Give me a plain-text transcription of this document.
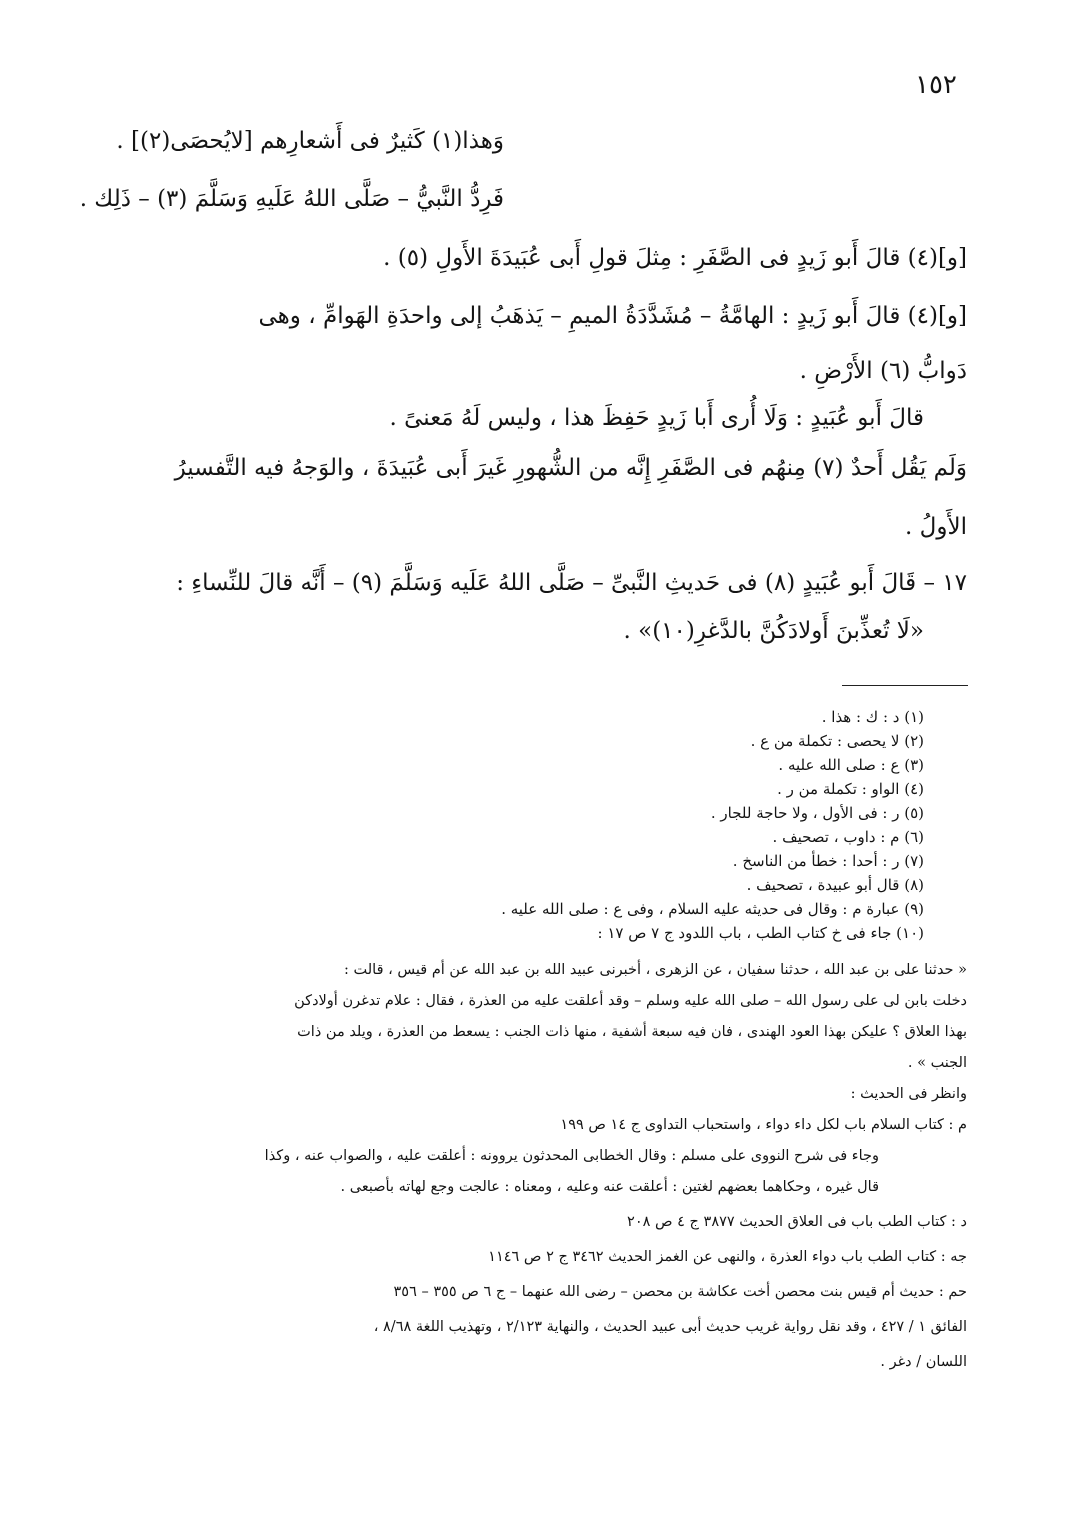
١٥٢
وَهذا(١) كَثيرٌ فى أَشعارِهم [لايُحصَى(٢)] .
فَرِدُّ النَّبيُّ – صَلَّى اللهُ عَلَيهِ وَسَلَّمَ (٣) – ذَلِك .
[و](٤) قالَ أَبو زَيدٍ فى الصَّفَرِ : مِثلَ قولِ أَبى عُبَيدَةَ الأَولِ (٥) .
[و](٤) قالَ أَبو زَيدٍ : الهامَّةُ – مُشَدَّدَةُ الميمِ – يَذهَبُ إلى واحدَةِ الهَوامِّ ، وهى
دَوابُّ (٦) الأَرْضِ .
قالَ أَبو عُبَيدٍ : وَلَا أُرى أَبا زَيدٍ حَفِظَ هذا ، وليس لَهُ مَعنىً .
وَلَم يَقُل أَحدٌ (٧) مِنهُم فى الصَّفَرِ إِنَّه من الشُّهورِ غَيرَ أَبى عُبَيدَةَ ، والوَجهُ فيه التَّفسيرُ
الأَولُ .
١٧ – قَالَ أَبو عُبَيدٍ (٨) فى حَديثِ النَّبىِّ – صَلَّى اللهُ عَلَيه وَسَلَّمَ (٩) – أَنَّه قالَ للنِّساءِ :
«لَا تُعذِّبنَ أَولادَكُنَّ بالدَّغرِ(١٠)» .
(١) د : ك : هذا .
(٢) لا يحصى : تكملة من ع .
(٣) ع : صلى الله عليه .
(٤) الواو : تكملة من ر .
(٥) ر : فى الأول ، ولا حاجة للجار .
(٦) م : داوب ، تصحيف .
(٧) ر : أحدا : خطأ من الناسخ .
(٨) قال أبو عبيدة ، تصحيف .
(٩) عبارة م : وقال فى حديثه عليه السلام ، وفى ع : صلى الله عليه .
(١٠) جاء فى خ كتاب الطب ، باب اللدود ج ٧ ص ١٧ :
« حدثنا على بن عبد الله ، حدثنا سفيان ، عن الزهرى ، أخبرنى عبيد الله بن عبد الله عن أم قيس ، قالت :
دخلت بابن لى على رسول الله – صلى الله عليه وسلم – وقد أعلقت عليه من العذرة ، فقال : علام تدغرن أولادكن
بهذا العلاق ؟ عليكن بهذا العود الهندى ، فان فيه سبعة أشفية ، منها ذات الجنب : يسعط من العذرة ، ويلد من ذات
الجنب » .
وانظر فى الحديث :
م : كتاب السلام باب لكل داء دواء ، واستحباب التداوى ج ١٤ ص ١٩٩
وجاء فى شرح النووى على مسلم : وقال الخطابى المحدثون يروونه : أعلقت عليه ، والصواب عنه ، وكذا
قال غيره ، وحكاهما بعضهم لغتين : أعلقت عنه وعليه ، ومعناه : عالجت وجع لهاته بأصبعى .
د : كتاب الطب باب فى العلاق الحديث ٣٨٧٧ ج ٤ ص ٢٠٨
جه : كتاب الطب باب دواء العذرة ، والنهى عن الغمز الحديث ٣٤٦٢ ج ٢ ص ١١٤٦
حم : حديث أم قيس بنت محصن أخت عكاشة بن محصن – رضى الله عنهما – ج ٦ ص ٣٥٥ – ٣٥٦
الفائق ١ / ٤٢٧ ، وقد نقل رواية غريب حديث أبى عبيد الحديث ، والنهاية ٢/١٢٣ ، وتهذيب اللغة ٨/٦٨ ،
اللسان / دغر .
